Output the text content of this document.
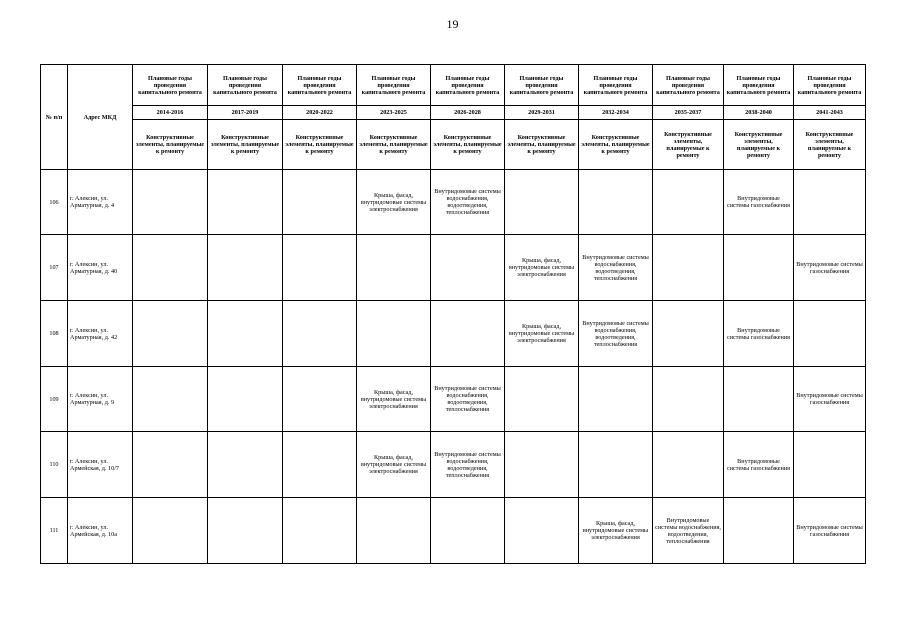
19
№ п/п	Адрес МКД	Плановые годы проведения капитального ремонта	Плановые годы проведения капитального ремонта	Плановые годы проведения капитального ремонта	Плановые годы проведения капитального ремонта	Плановые годы проведения капитального ремонта	Плановые годы проведения капитального ремонта	Плановые годы проведения капитального ремонта	Плановые годы проведения капитального ремонта	Плановые годы проведения капитального ремонта	Плановые годы проведения капитального ремонта
		2014-2016	2017-2019	2020-2022	2023-2025	2026-2028	2029-2031	2032-2034	2035-2037	2038-2040	2041-2043
		Конструктивные элементы, планируемые к ремонту	Конструктивные элементы, планируемые к ремонту	Конструктивные элементы, планируемые к ремонту	Конструктивные элементы, планируемые к ремонту	Конструктивные элементы, планируемые к ремонту	Конструктивные элементы, планируемые к ремонту	Конструктивные элементы, планируемые к ремонту	Конструктивные элементы, планируемые к ремонту	Конструктивные элементы, планируемые к ремонту	Конструктивные элементы, планируемые к ремонту
106	г. Алексин, ул. Арматурная, д. 4				Крыша, фасад, внутридомовые системы электроснабжения	Внутридомовые системы водоснабжения, водоотведения, теплоснабжения				Внутридомовые системы газоснабжения	
107	г. Алексин, ул. Арматурная, д. 40						Крыша, фасад, внутридомовые системы электроснабжения	Внутридомовые системы водоснабжения, водоотведения, теплоснабжения			Внутридомовые системы газоснабжения
108	г. Алексин, ул. Арматурная, д. 42						Крыша, фасад, внутридомовые системы электроснабжения	Внутридомовые системы водоснабжения, водоотведения, теплоснабжения		Внутридомовые системы газоснабжения	
109	г. Алексин, ул. Арматурная, д. 9				Крыша, фасад, внутридомовые системы электроснабжения	Внутридомовые системы водоснабжения, водоотведения, теплоснабжения					Внутридомовые системы газоснабжения
110	г. Алексин, ул. Армейская, д. 10/7				Крыша, фасад, внутридомовые системы электроснабжения	Внутридомовые системы водоснабжения, водоотведения, теплоснабжения				Внутридомовые системы газоснабжения	
111	г. Алексин, ул. Армейская, д. 10а							Крыша, фасад, внутридомовые системы электроснабжения	Внутридомовые системы водоснабжения, водоотведения, теплоснабжения		Внутридомовые системы газоснабжения
